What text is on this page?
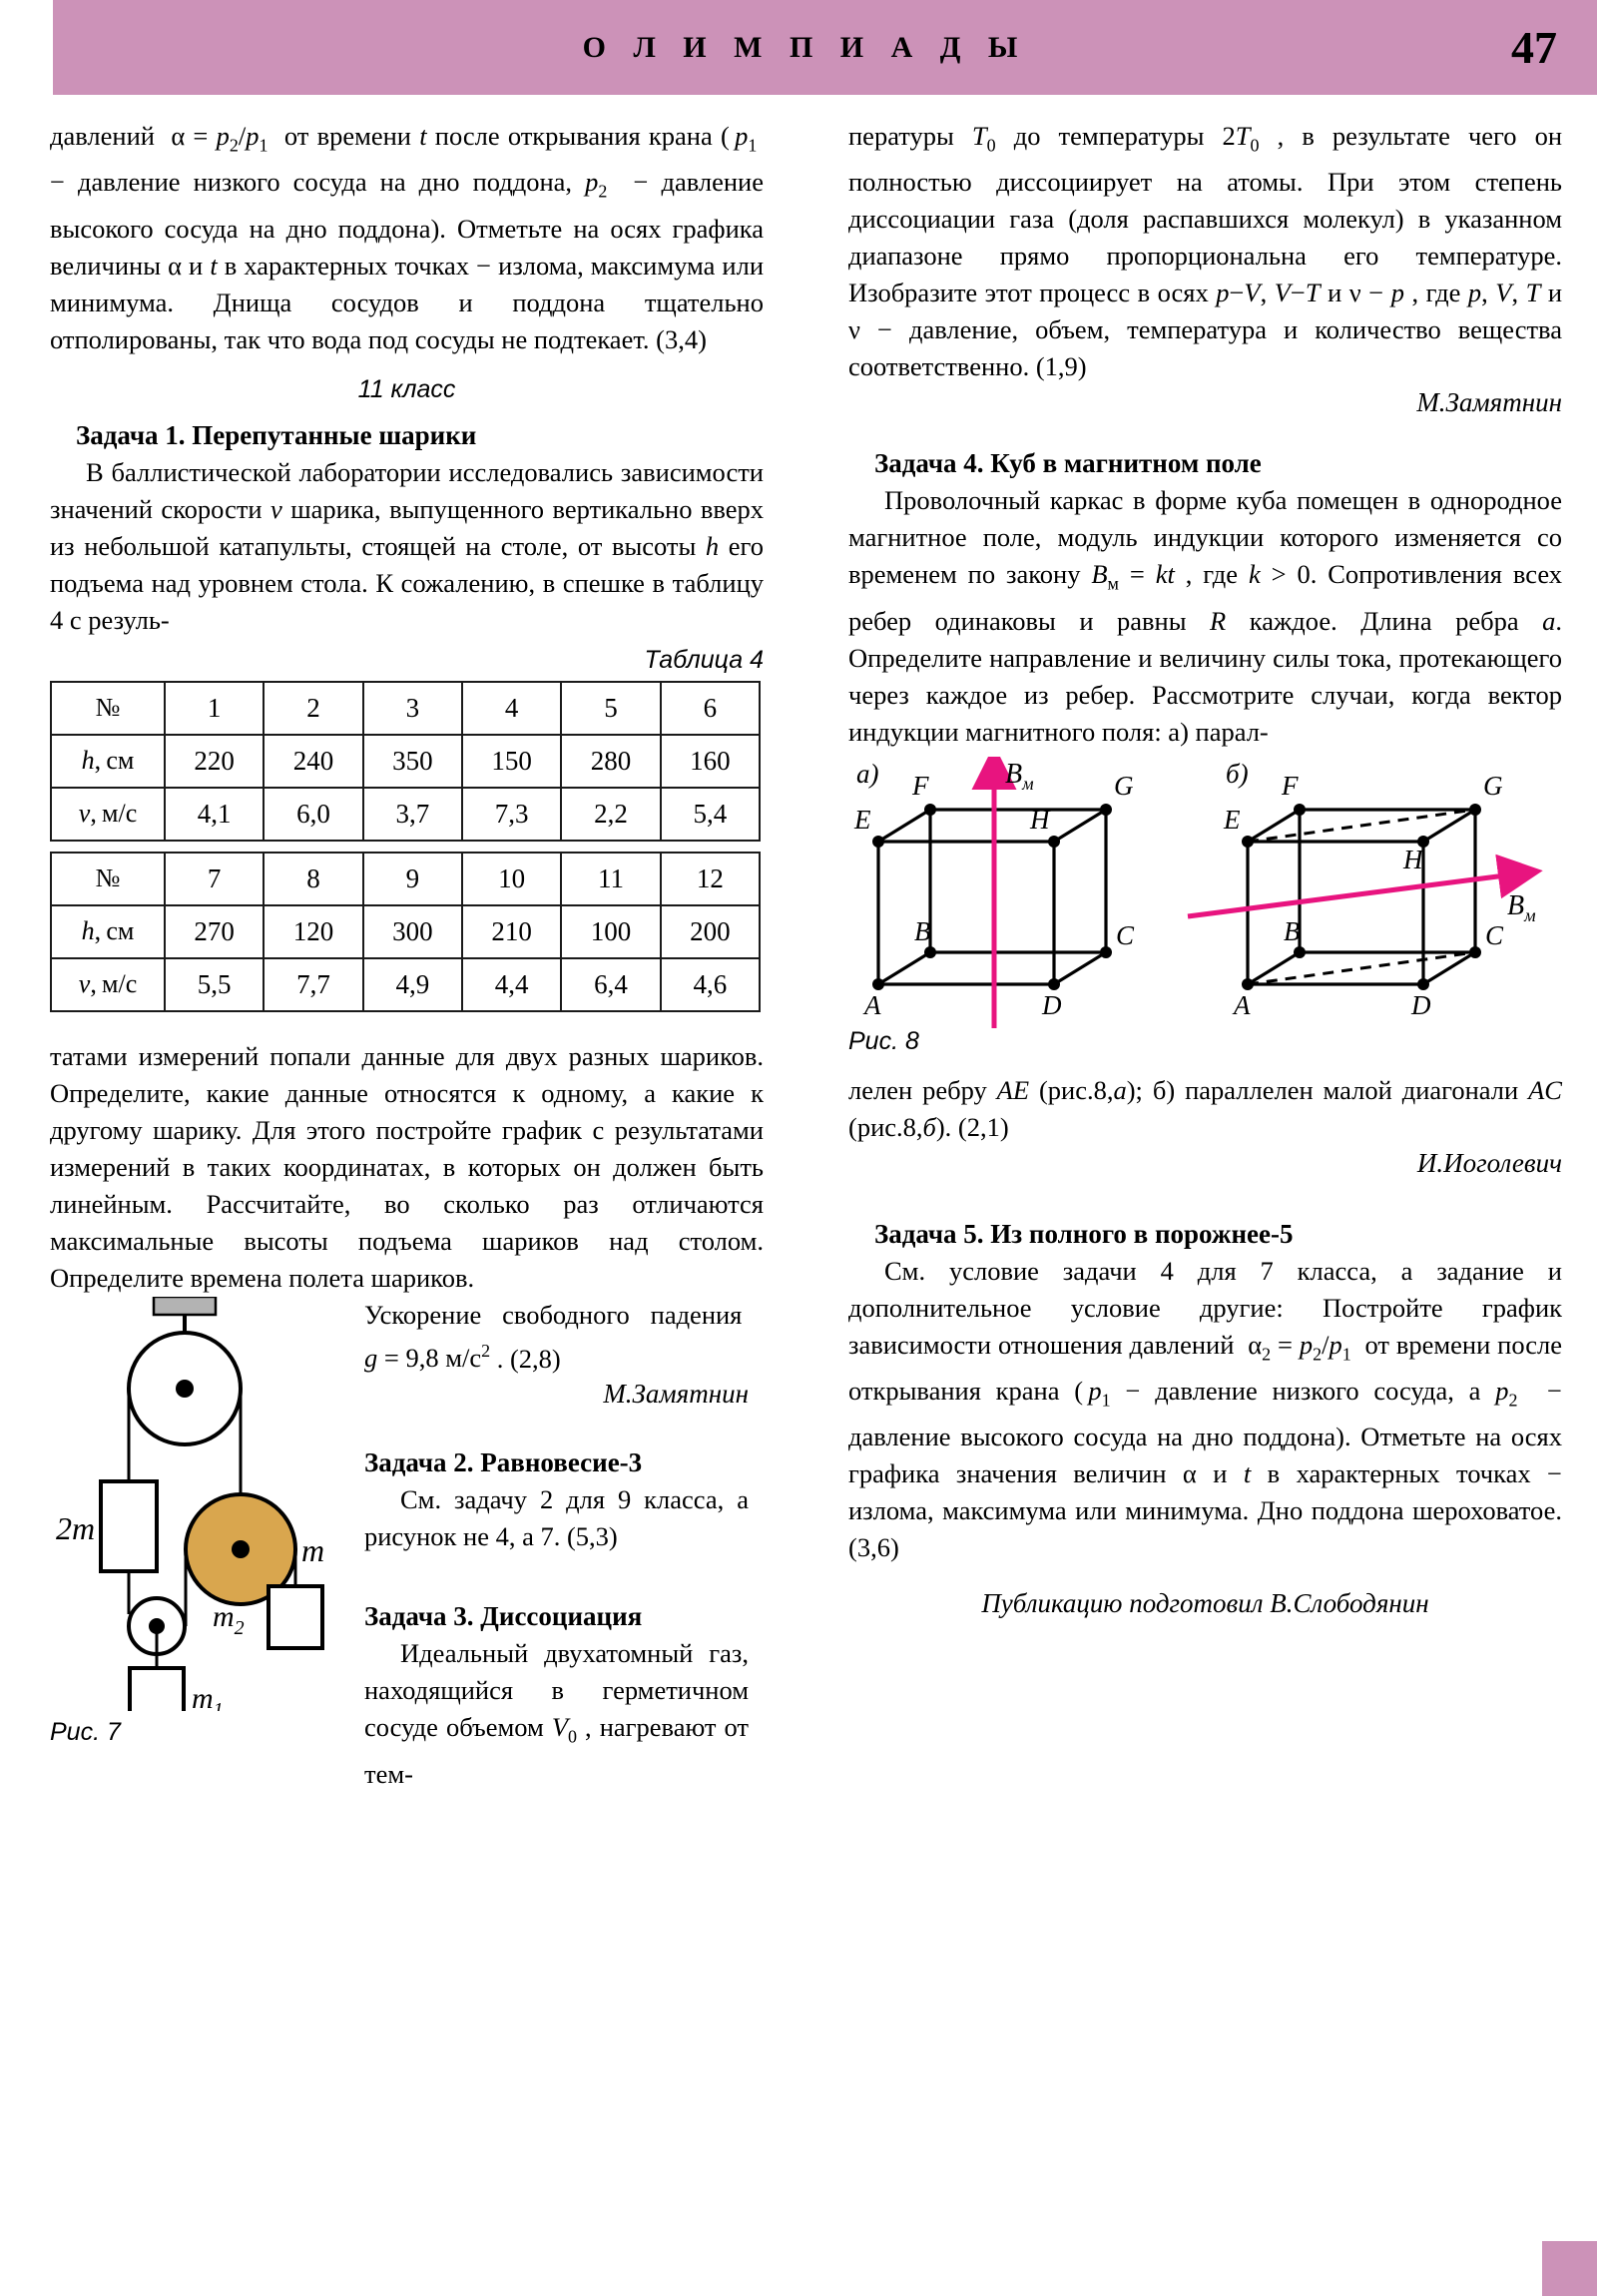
О Л И М П И А Д Ы	47

давлений  $\alpha = p_2/p_1$  от времени t после открывания крана ( $p_1$  − давление низкого сосуда на дно поддона, $p_2$  − давление высокого сосуда на дно поддона). Отметьте на осях графика величины α и t в характерных точках − излома, максимума или минимума. Днища сосудов и поддона тщательно отполированы, так что вода под сосуды не подтекает. (3,4)

11 класс
Задача 1. Перепутанные шарики

В баллистической лаборатории исследовались зависимости значений скорости v шарика, выпущенного вертикально вверх из небольшой катапульты, стоящей на столе, от высоты h его подъема над уровнем стола. К сожалению, в спешке в таблицу 4 с резуль-

Таблица 4
№	1	2	3	4	5	6
h, см	220	240	350	150	280	160
v, м/с	4,1	6,0	3,7	7,3	2,2	5,4
№	7	8	9	10	11	12
h, см	270	120	300	210	100	200
v, м/с	5,5	7,7	4,9	4,4	6,4	4,6

татами измерений попали данные для двух разных шариков. Определите, какие данные относятся к одному, а какие к другому шарику. Для этого постройте график с результатами измерений в таких координатах, в которых он должен быть линейным. Рассчитайте, во сколько раз отличаются максимальные высоты подъема шариков над столом. Определите времена полета шариков.

2m
m
$m_1$
$m_2$
Рис. 7

Ускорение свободного падения  g = 9,8 $м/с^2$ . (2,8)

М.Замятнин

Задача 2. Равновесие-3

См. задачу 2 для 9 класса, а рисунок не 4, а 7. (5,3)

Задача 3. Диссоциация

Идеальный двухатомный газ, находящийся в герметичном сосуде объемом $V_0$ , нагревают от тем-

пературы $T_0$ до температуры $2T_0$ , в результате чего он полностью диссоциирует на атомы. При этом степень диссоциации газа (доля распавшихся молекул) в указанном диапазоне прямо пропорциональна его температуре. Изобразите этот процесс в осях p−V, V−T и ν − p , где p, V, T и ν − давление, объем, температура и количество вещества соответственно. (1,9)

М.Замятнин

Задача 4. Куб в магнитном поле

Проволочный каркас в форме куба помещен в однородное магнитное поле, модуль индукции которого изменяется со временем по закону $B_м$ = kt , где k > 0. Сопротивления всех ребер одинаковы и равны R каждое. Длина ребра a. Определите направление и величину силы тока, протекающего через каждое из ребер. Рассмотрите случаи, когда вектор индукции магнитного поля: а) парал-

а)
A
B	C
D
E
F	G
H
$B_м$	б)
A
B	C
D
E
F	G
H
$B_м$
Рис. 8

лелен ребру AE (рис.8,а); б) параллелен малой диагонали AC (рис.8,б). (2,1)

И.Иоголевич

Задача 5. Из полного в порожнее-5

См. условие задачи 4 для 7 класса, а задание и дополнительное условие другие: Постройте график зависимости отношения давлений  $\alpha_2 = p_2/p_1$  от времени после открывания крана ( $p_1$ − давление низкого сосуда, а $p_2$  − давление высокого сосуда на дно поддона). Отметьте на осях графика значения величин α и t в характерных точках − излома, максимума или минимума. Дно поддона шероховатое. (3,6)

Публикацию подготовил В.Слободянин
